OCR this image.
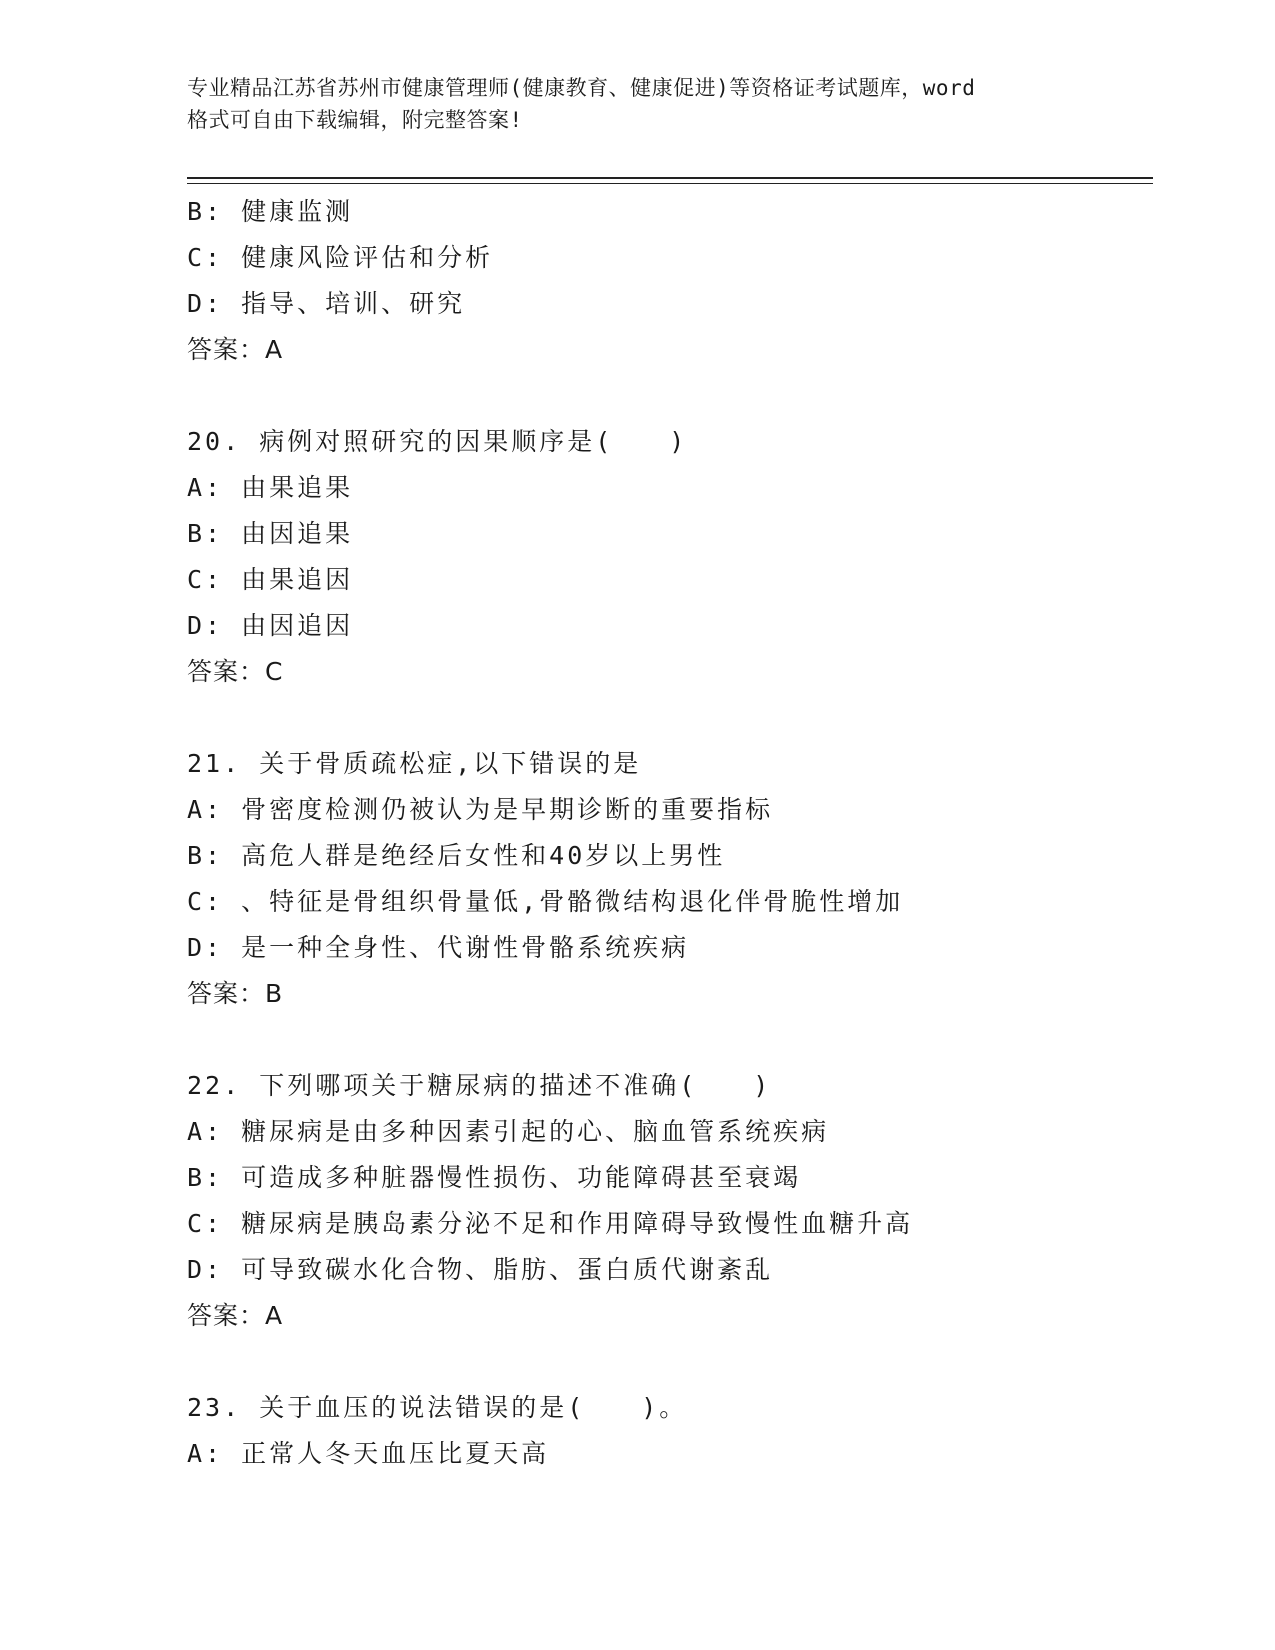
专业精品江苏省苏州市健康管理师(健康教育、健康促进)等资格证考试题库，word
格式可自由下载编辑，附完整答案!
B: 健康监测
C: 健康风险评估和分析
D: 指导、培训、研究
答案：A
20. 病例对照研究的因果顺序是(　　)
A: 由果追果
B: 由因追果
C: 由果追因
D: 由因追因
答案：C
21. 关于骨质疏松症,以下错误的是
A: 骨密度检测仍被认为是早期诊断的重要指标
B: 高危人群是绝经后女性和40岁以上男性
C: 、特征是骨组织骨量低,骨骼微结构退化伴骨脆性增加
D: 是一种全身性、代谢性骨骼系统疾病
答案：B
22. 下列哪项关于糖尿病的描述不准确(　　)
A: 糖尿病是由多种因素引起的心、脑血管系统疾病
B: 可造成多种脏器慢性损伤、功能障碍甚至衰竭
C: 糖尿病是胰岛素分泌不足和作用障碍导致慢性血糖升高
D: 可导致碳水化合物、脂肪、蛋白质代谢紊乱
答案：A
23. 关于血压的说法错误的是(　　)。
A: 正常人冬天血压比夏天高
